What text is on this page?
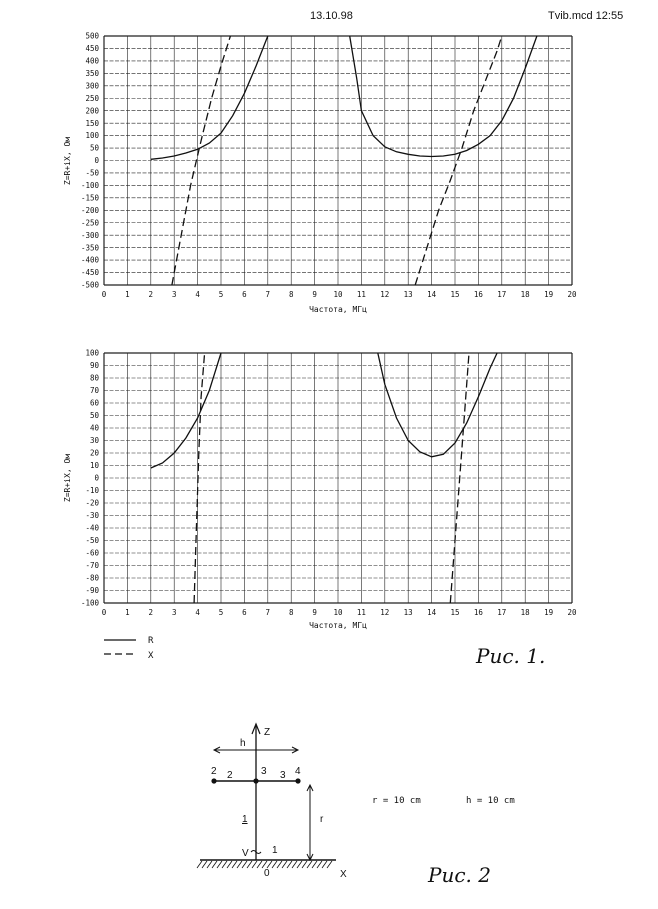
13.10.98	Tvib.mcd 12:55
500
450
400
350
300
250
200
150
100
50
0
-50
-100
-150
-200
-250
-300
-350
-400
-450
-500
0	1	2	3	4	5	6	7	8	9 10 11 12 13 14 15 16 17 18 19 20
Частота, МГц
Z=R+iX, Ом
100
90
80
70
60
50
40
30
20
10
0
-10
-20
-30
-40
-50
-60
-70
-80
-90
-100
0	1	2	3	4	5	6	7	8	9 10 11 12 13 14 15 16 17 18 19 20
Частота, МГц
Z=R+iX, Ом
R
X	Рис. 1.
Z
X
0
2	3	4
2	3
1
1
h
r
V
r = 10 cm	h = 10 cm
Рис. 2
